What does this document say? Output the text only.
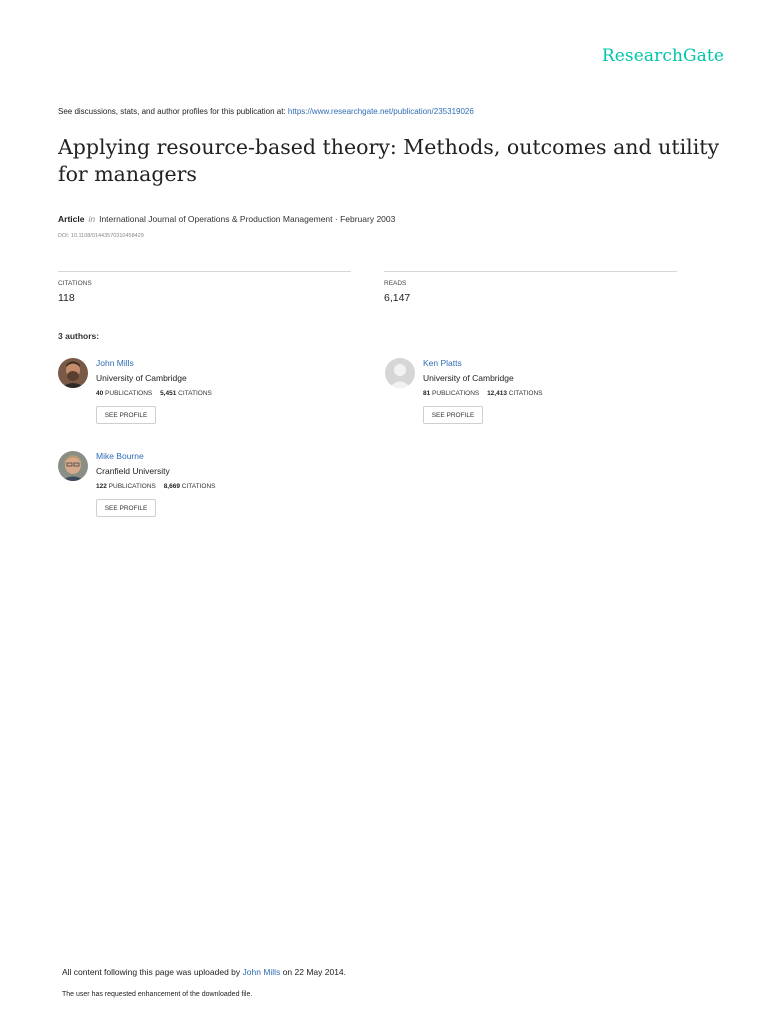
ResearchGate
See discussions, stats, and author profiles for this publication at: https://www.researchgate.net/publication/235319026
Applying resource-based theory: Methods, outcomes and utility for managers
Article in International Journal of Operations & Production Management · February 2003
DOI: 10.1108/01443570310458429
CITATIONS
118
READS
6,147
3 authors:
John Mills
University of Cambridge
40 PUBLICATIONS 5,451 CITATIONS
SEE PROFILE
Ken Platts
University of Cambridge
81 PUBLICATIONS 12,413 CITATIONS
SEE PROFILE
Mike Bourne
Cranfield University
122 PUBLICATIONS 8,669 CITATIONS
SEE PROFILE
All content following this page was uploaded by John Mills on 22 May 2014.
The user has requested enhancement of the downloaded file.
